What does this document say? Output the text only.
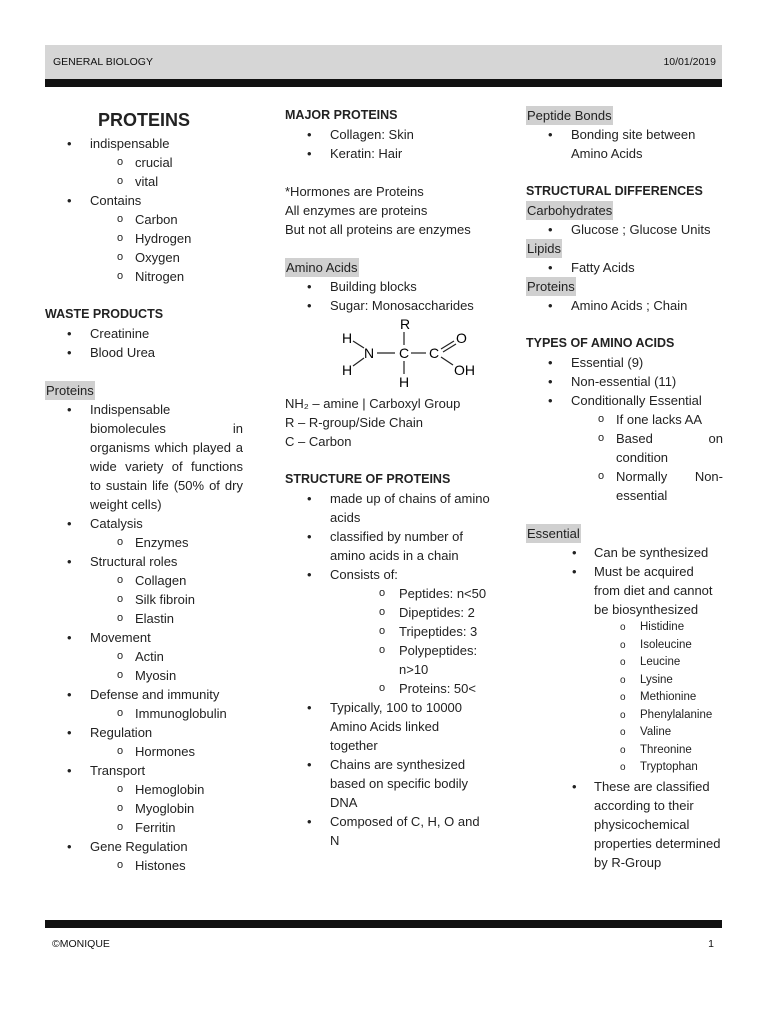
GENERAL BIOLOGY	10/01/2019
PROTEINS
• indispensable
o crucial
o vital
• Contains
o Carbon
o Hydrogen
o Oxygen
o Nitrogen
WASTE PRODUCTS
• Creatinine
• Blood Urea
Proteins
• Indispensable biomolecules in organisms which played a wide variety of functions to sustain life (50% of dry weight cells)
• Catalysis
o Enzymes
• Structural roles
o Collagen
o Silk fibroin
o Elastin
• Movement
o Actin
o Myosin
• Defense and immunity
o Immunoglobulin
• Regulation
o Hormones
• Transport
o Hemoglobin
o Myoglobin
o Ferritin
• Gene Regulation
o Histones
MAJOR PROTEINS
• Collagen: Skin
• Keratin: Hair
*Hormones are Proteins
All enzymes are proteins
But not all proteins are enzymes
Amino Acids
• Building blocks
• Sugar: Monosaccharides
R
H
N C C
O
OH
H
H
NH₂ – amine | Carboxyl Group
R – R-group/Side Chain
C – Carbon
STRUCTURE OF PROTEINS
• made up of chains of amino acids
• classified by number of amino acids in a chain
• Consists of:
o Peptides: n<50
o Dipeptides: 2
o Tripeptides: 3
o Polypeptides: n>10
o Proteins: 50<
• Typically, 100 to 10000 Amino Acids linked together
• Chains are synthesized based on specific bodily DNA
• Composed of C, H, O and N
Peptide Bonds
• Bonding site between Amino Acids
STRUCTURAL DIFFERENCES
Carbohydrates
• Glucose ; Glucose Units
Lipids
• Fatty Acids
Proteins
• Amino Acids ; Chain
TYPES OF AMINO ACIDS
• Essential (9)
• Non-essential (11)
• Conditionally Essential
o If one lacks AA
o Based on condition
o Normally Non-essential
Essential
• Can be synthesized
• Must be acquired from diet and cannot be biosynthesized
o Histidine
o Isoleucine
o Leucine
o Lysine
o Methionine
o Phenylalanine
o Valine
o Threonine
o Tryptophan
• These are classified according to their physicochemical properties determined by R-Group
©MONIQUE	1
